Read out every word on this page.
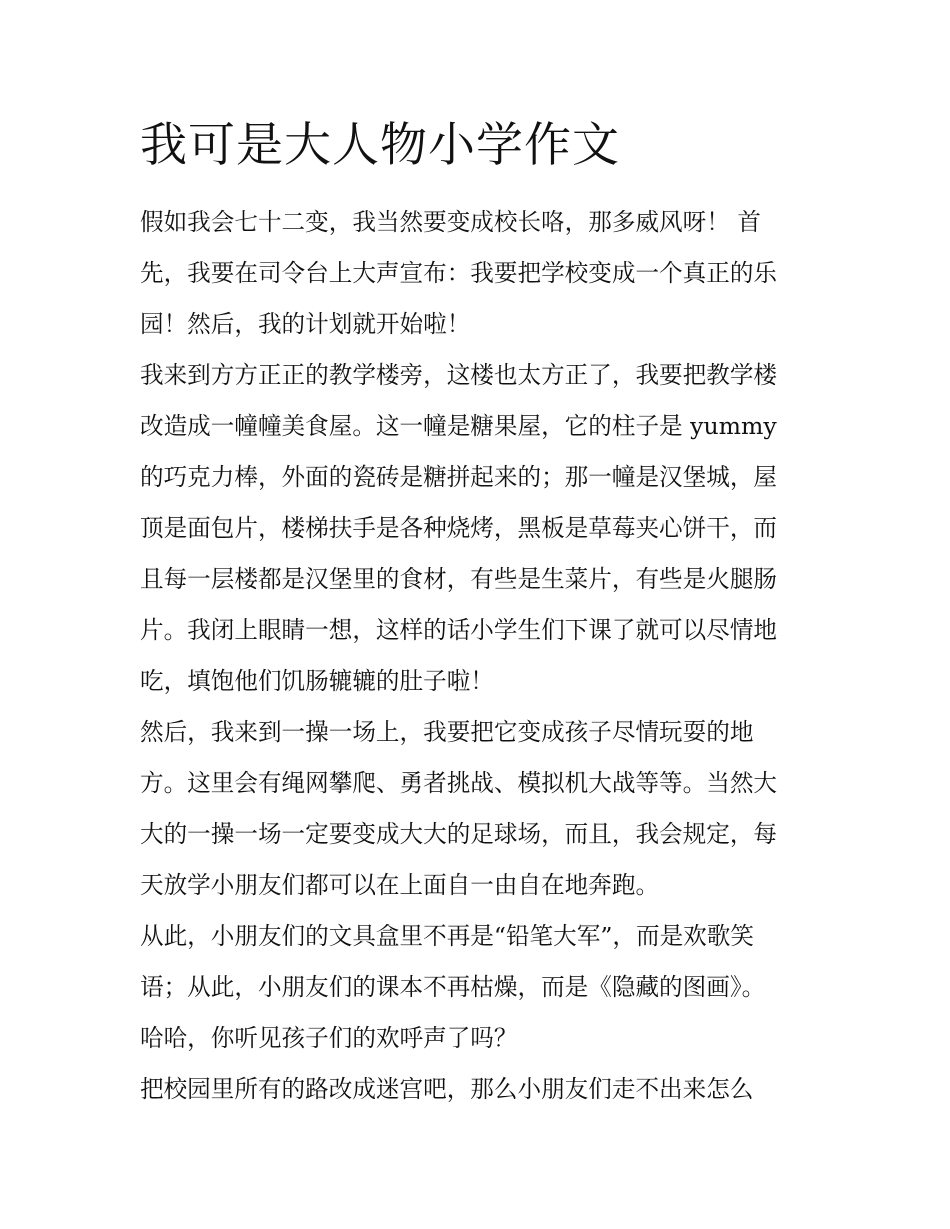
我可是大人物小学作文

假如我会七十二变，我当然要变成校长咯，那多威风呀！ 首

先，我要在司令台上大声宣布：我要把学校变成一个真正的乐

园！然后，我的计划就开始啦！

我来到方方正正的教学楼旁，这楼也太方正了，我要把教学楼

改造成一幢幢美食屋。这一幢是糖果屋，它的柱子是 yummy

的巧克力棒，外面的瓷砖是糖拼起来的；那一幢是汉堡城，屋

顶是面包片，楼梯扶手是各种烧烤，黑板是草莓夹心饼干，而

且每一层楼都是汉堡里的食材，有些是生菜片，有些是火腿肠

片。我闭上眼睛一想，这样的话小学生们下课了就可以尽情地

吃，填饱他们饥肠辘辘的肚子啦！

然后，我来到一操一场上，我要把它变成孩子尽情玩耍的地

方。这里会有绳网攀爬、勇者挑战、模拟机大战等等。当然大

大的一操一场一定要变成大大的足球场，而且，我会规定，每

天放学小朋友们都可以在上面自一由自在地奔跑。

从此，小朋友们的文具盒里不再是“铅笔大军”，而是欢歌笑

语；从此，小朋友们的课本不再枯燥，而是《隐藏的图画》。

哈哈，你听见孩子们的欢呼声了吗？

把校园里所有的路改成迷宫吧，那么小朋友们走不出来怎么
